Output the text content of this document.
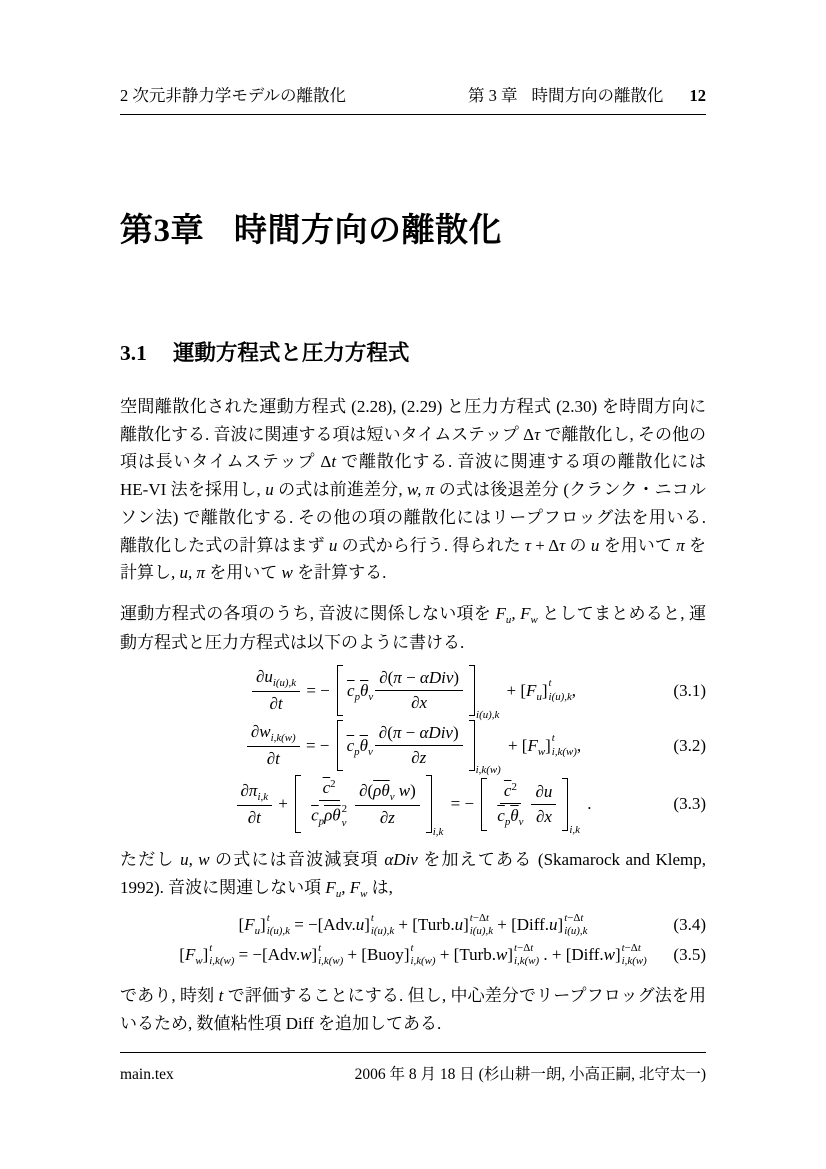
2 次元非静力学モデルの離散化	第 3 章 時間方向の離散化 12
第3章 時間方向の離散化
3.1 運動方程式と圧力方程式

空間離散化された運動方程式 (2.28), (2.29) と圧力方程式 (2.30) を時間方向に離散化する. 音波に関連する項は短いタイムステップ Δτ で離散化し, その他の項は長いタイムステップ Δt で離散化する. 音波に関連する項の離散化には HE-VI 法を採用し, u の式は前進差分, w, π の式は後退差分 (クランク・ニコルソン法) で離散化する. その他の項の離散化にはリープフロッグ法を用いる. 離散化した式の計算はまず u の式から行う. 得られた τ + Δτ の u を用いて π を計算し, u, π を用いて w を計算する.

運動方程式の各項のうち, 音波に関係しない項を $F_u$, $F_w$ としてまとめると, 運動方程式と圧力方程式は以下のように書ける.

$\frac{\partial u_{i(u),k}}{\partial t}$ = − $\overline{c}$ p $\overline{\theta}$ v
∂(π − αDiv)
∂x
i(u),k
+ [ F u ] t
i(u),k ,	(3.1)
$\frac{\partial w_{i,k(w)}}{\partial t}$ = − $\overline{c}$ p $\overline{\theta}$ v
∂(π − αDiv)
∂z
i,k(w)
+ [ F w ] t
i,k(w) ,	(3.2)
$\partial\pi_{i,k}$
∂t
+
$\overline{c}^2$
$\overline{c}_p\overline{\rho}\overline{\theta}$ 2
v
$\partial(\overline{\rho}\overline{\theta}_v$ w)
∂z
i,k
= −
$\overline{c}^2$
$\overline{c}_p\overline{\theta}_v$
∂u
∂x
i,k
.	(3.3)

ただし u, w の式には音波減衰項 αDiv を加えてある (Skamarock and Klemp, 1992). 音波に関連しない項 $F_u$, $F_w$ は,

[ F u ] t
i(u),k = −[ Adv. u ] t
i(u),k + [ Turb. u ] t−Δt
i(u),k + [ Diff. u ] t−Δt
i(u),k	(3.4)
[ F w ] t
i,k(w) = −[ Adv. w ] t
i,k(w) + [ Buoy ] t
i,k(w) + [ Turb. w ] t−Δt
i,k(w) . + [ Diff. w ] t−Δt
i,k(w) (3.5)

であり, 時刻 t で評価することにする. 但し, 中心差分でリープフロッグ法を用いるため, 数値粘性項 Diff を追加してある.

main.tex	2006 年 8 月 18 日 (杉山耕一朗, 小高正嗣, 北守太一)
